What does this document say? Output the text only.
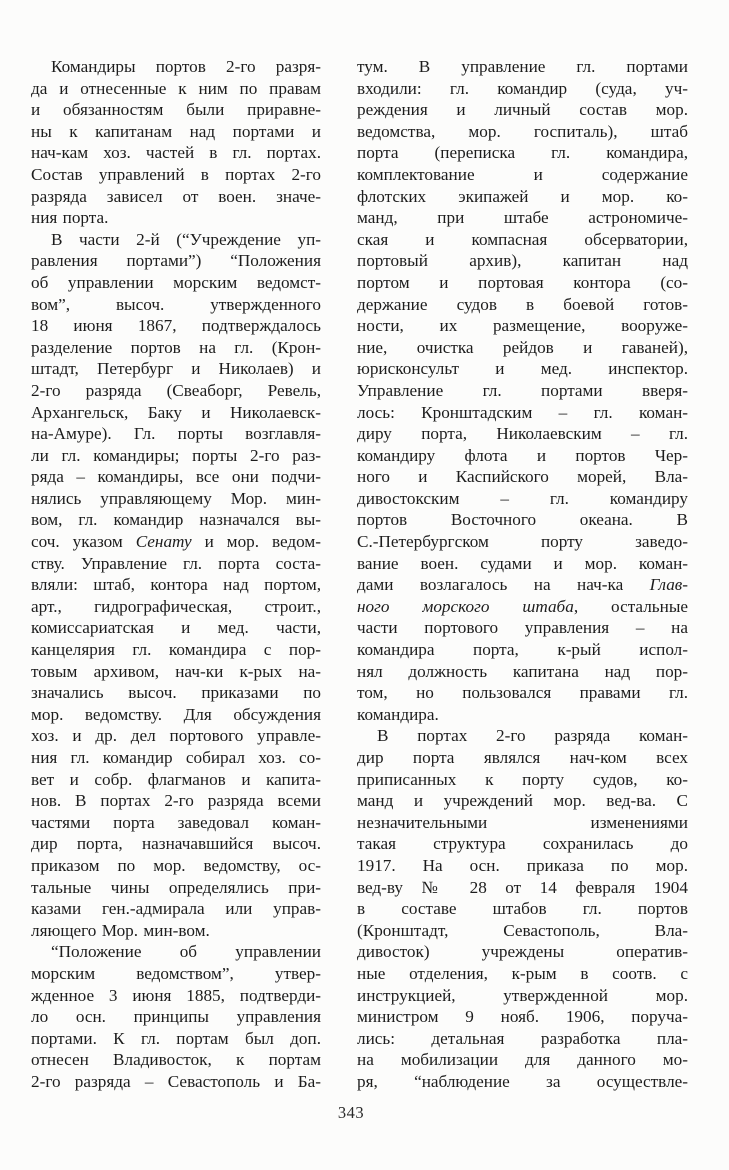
Командиры портов 2-го разря-
да и отнесенные к ним по правам
и обязанностям были приравне-
ны к капитанам над портами и
нач-кам хоз. частей в гл. портах.
Состав управлений в портах 2-го
разряда зависел от воен. значе-
ния порта.
В части 2-й (“Учреждение уп-
равления портами”) “Положения
об управлении морским ведомст-
вом”, высоч. утвержденного
18 июня 1867, подтверждалось
разделение портов на гл. (Крон-
штадт, Петербург и Николаев) и
2-го разряда (Свеаборг, Ревель,
Архангельск, Баку и Николаевск-
на-Амуре). Гл. порты возглавля-
ли гл. командиры; порты 2-го раз-
ряда – командиры, все они подчи-
нялись управляющему Мор. мин-
вом, гл. командир назначался вы-
соч. указом Сенату и мор. ведом-
ству. Управление гл. порта соста-
вляли: штаб, контора над портом,
арт., гидрографическая, строит.,
комиссариатская и мед. части,
канцелярия гл. командира с пор-
товым архивом, нач-ки к-рых на-
значались высоч. приказами по
мор. ведомству. Для обсуждения
хоз. и др. дел портового управле-
ния гл. командир собирал хоз. со-
вет и собр. флагманов и капита-
нов. В портах 2-го разряда всеми
частями порта заведовал коман-
дир порта, назначавшийся высоч.
приказом по мор. ведомству, ос-
тальные чины определялись при-
казами ген.-адмирала или управ-
ляющего Мор. мин-вом.
“Положение об управлении
морским ведомством”, утвер-
жденное 3 июня 1885, подтверди-
ло осн. принципы управления
портами. К гл. портам был доп.
отнесен Владивосток, к портам
2-го разряда – Севастополь и Ба-
тум. В управление гл. портами
входили: гл. командир (суда, уч-
реждения и личный состав мор.
ведомства, мор. госпиталь), штаб
порта (переписка гл. командира,
комплектование и содержание
флотских экипажей и мор. ко-
манд, при штабе астрономиче-
ская и компасная обсерватории,
портовый архив), капитан над
портом и портовая контора (со-
держание судов в боевой готов-
ности, их размещение, вооруже-
ние, очистка рейдов и гаваней),
юрисконсульт и мед. инспектор.
Управление гл. портами вверя-
лось: Кронштадским – гл. коман-
диру порта, Николаевским – гл.
командиру флота и портов Чер-
ного и Каспийского морей, Вла-
дивостокским – гл. командиру
портов Восточного океана. В
С.-Петербургском порту заведо-
вание воен. судами и мор. коман-
дами возлагалось на нач-ка Глав-
ного морского штаба, остальные
части портового управления – на
командира порта, к-рый испол-
нял должность капитана над пор-
том, но пользовался правами гл.
командира.
В портах 2-го разряда коман-
дир порта являлся нач-ком всех
приписанных к порту судов, ко-
манд и учреждений мор. вед-ва. С
незначительными изменениями
такая структура сохранилась до
1917. На осн. приказа по мор.
вед-ву № 28 от 14 февраля 1904
в составе штабов гл. портов
(Кронштадт, Севастополь, Вла-
дивосток) учреждены оператив-
ные отделения, к-рым в соотв. с
инструкцией, утвержденной мор.
министром 9 нояб. 1906, поруча-
лись: детальная разработка пла-
на мобилизации для данного мо-
ря, “наблюдение за осуществле-
343
